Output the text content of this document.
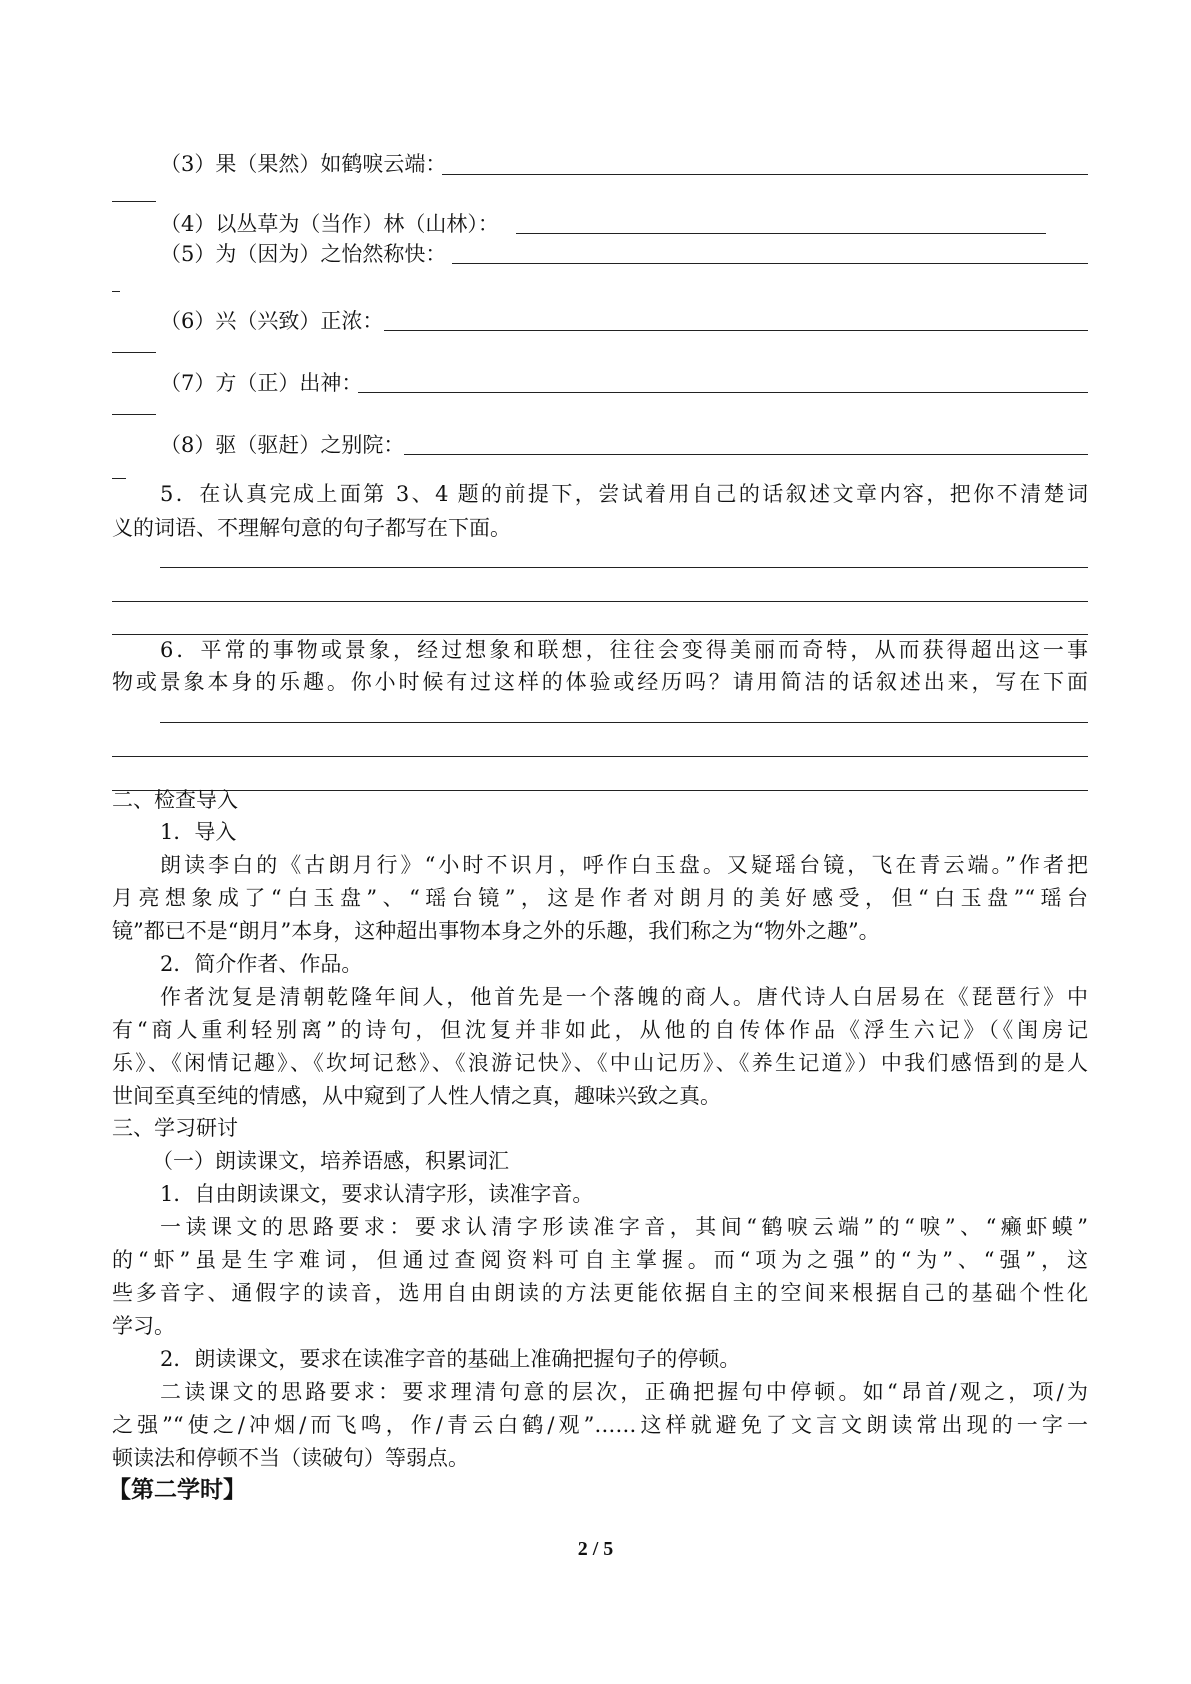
（3）果（果然）如鹤唳云端：
（4）以丛草为（当作）林（山林）：
（5）为（因为）之怡然称快：
（6）兴（兴致）正浓：
（7）方（正）出神：
（8）驱（驱赶）之别院：
5．在认真完成上面第 3、4 题的前提下，尝试着用自己的话叙述文章内容，把你不清楚词
义的词语、不理解句意的句子都写在下面。
6．平常的事物或景象，经过想象和联想，往往会变得美丽而奇特，从而获得超出这一事
物或景象本身的乐趣。你小时候有过这样的体验或经历吗？请用简洁的话叙述出来，写在下面
二、检查导入
1．导入
朗读李白的《古朗月行》“小时不识月，呼作白玉盘。又疑瑶台镜，飞在青云端。”作者把
月亮想象成了“白玉盘”、“瑶台镜”，这是作者对朗月的美好感受，但“白玉盘”“瑶台
镜”都已不是“朗月”本身，这种超出事物本身之外的乐趣，我们称之为“物外之趣”。
2．简介作者、作品。
作者沈复是清朝乾隆年间人，他首先是一个落魄的商人。唐代诗人白居易在《琵琶行》中
有“商人重利轻别离”的诗句，但沈复并非如此，从他的自传体作品《浮生六记》（《闺房记
乐》、《闲情记趣》、《坎坷记愁》、《浪游记快》、《中山记历》、《养生记道》）中我们感悟到的是人
世间至真至纯的情感，从中窥到了人性人情之真，趣味兴致之真。
三、学习研讨
（一）朗读课文，培养语感，积累词汇
1．自由朗读课文，要求认清字形，读准字音。
一读课文的思路要求：要求认清字形读准字音，其间“鹤唳云端”的“唳”、“癞虾蟆”
的“虾”虽是生字难词，但通过查阅资料可自主掌握。而“项为之强”的“为”、“强”，这
些多音字、通假字的读音，选用自由朗读的方法更能依据自主的空间来根据自己的基础个性化
学习。
2．朗读课文，要求在读准字音的基础上准确把握句子的停顿。
二读课文的思路要求：要求理清句意的层次，正确把握句中停顿。如“昂首/观之，项/为
之强”“使之/冲烟/而飞鸣，作/青云白鹤/观”……这样就避免了文言文朗读常出现的一字一
顿读法和停顿不当（读破句）等弱点。
【第二学时】
2 / 5
